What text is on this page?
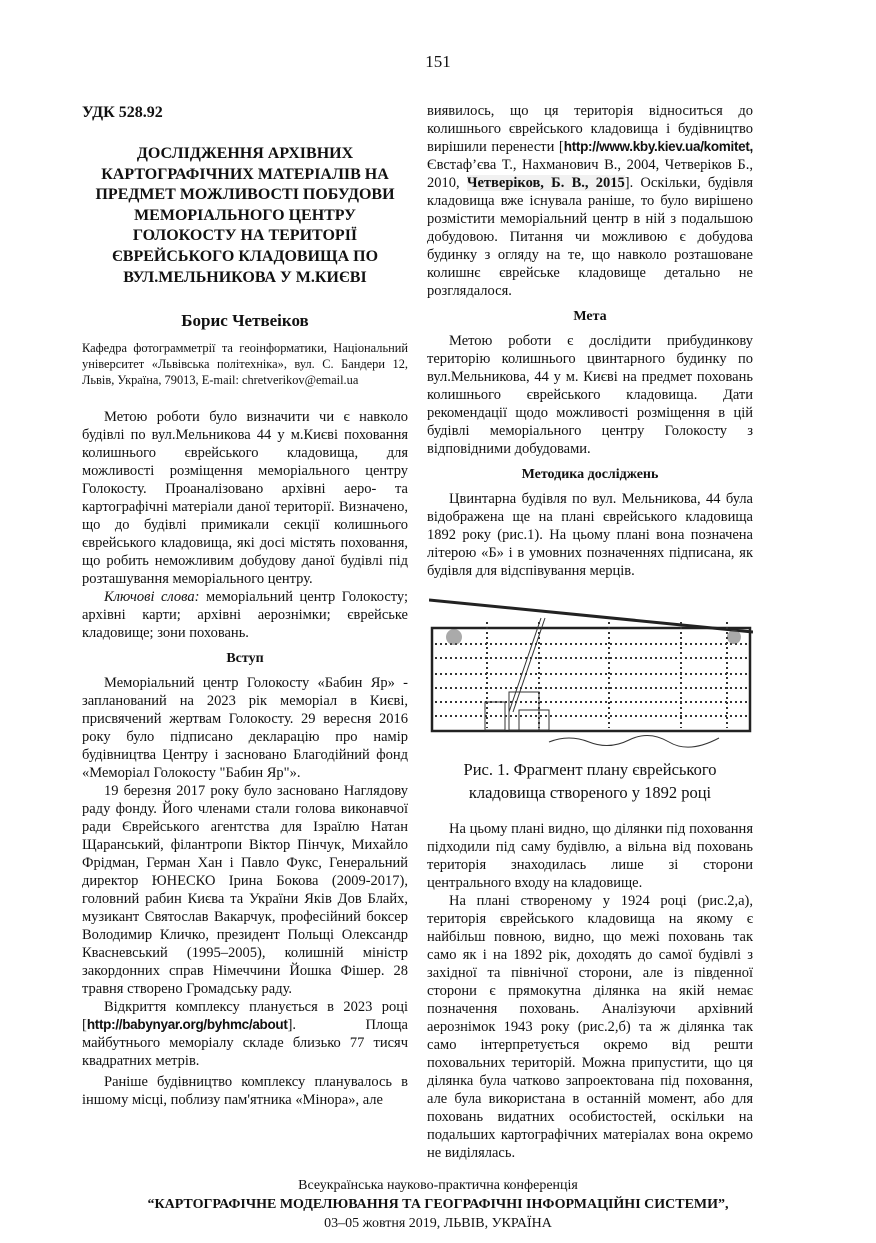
151
УДК 528.92
ДОСЛІДЖЕННЯ АРХІВНИХ КАРТОГРАФІЧНИХ МАТЕРІАЛІВ НА ПРЕДМЕТ МОЖЛИВОСТІ ПОБУДОВИ МЕМОРІАЛЬНОГО ЦЕНТРУ ГОЛОКОСТУ НА ТЕРИТОРІЇ ЄВРЕЙСЬКОГО КЛАДОВИЩА ПО ВУЛ.МЕЛЬНИКОВА У М.КИЄВІ
Борис Четвеіков
Кафедра фотограмметрії та геоінформатики, Національний університет «Львівська політехніка», вул. С. Бандери 12, Львів, Україна, 79013, E-mail: chretverikov@email.ua

Метою роботи було визначити чи є навколо будівлі по вул.Мельникова 44 у м.Києві поховання колишнього єврейського кладовища, для можливості розміщення меморіального центру Голокосту. Проаналізовано архівні аеро- та картографічні матеріали даної території. Визначено, що до будівлі примикали секції колишнього єврейського кладовища, які досі містять поховання, що робить неможливим добудову даної будівлі під розташування меморіального центру.

Ключові слова: меморіальний центр Голокосту; архівні карти; архівні аерознімки; єврейське кладовище; зони поховань.

Вступ

Меморіальний центр Голокосту «Бабин Яр» - запланований на 2023 рік меморіал в Києві, присвячений жертвам Голокосту. 29 вересня 2016 року було підписано декларацію про намір будівництва Центру і засновано Благодійний фонд «Меморіал Голокосту "Бабин Яр"».

19 березня 2017 року було засновано Наглядову раду фонду. Його членами стали голова виконавчої ради Єврейського агентства для Ізраїлю Натан Щаранський, філантропи Віктор Пінчук, Михайло Фрідман, Герман Хан і Павло Фукс, Генеральний директор ЮНЕСКО Ірина Бокова (2009-2017), головний рабин Києва та України Яків Дов Блайх, музикант Святослав Вакарчук, професійний боксер Володимир Кличко, президент Польщі Олександр Квасневський (1995–2005), колишній міністр закордонних справ Німеччини Йошка Фішер. 28 травня створено Громадську раду.

Відкриття комплексу планується в 2023 році [http://babynyar.org/byhmc/about]. Площа майбутнього меморіалу складе близько 77 тисяч квадратних метрів.

Раніше будівництво комплексу планувалось в іншому місці, поблизу пам'ятника «Мінора», але

виявилось, що ця територія відноситься до колишнього єврейського кладовища і будівництво вирішили перенести [http://www.kby.kiev.ua/komitet, Євстаф’єва Т., Нахманович В., 2004, Четверіков Б., 2010, Четверіков, Б. В., 2015]. Оскільки, будівля кладовища вже існувала раніше, то було вирішено розмістити меморіальний центр в ній з подальшою добудовою. Питання чи можливою є добудова будинку з огляду на те, що навколо розташоване колишнє єврейське кладовище детально не розглядалося.

Мета

Метою роботи є дослідити прибудинкову територію колишнього цвинтарного будинку по вул.Мельникова, 44 у м. Києві на предмет поховань колишнього єврейського кладовища. Дати рекомендації щодо можливості розміщення в цій будівлі меморіального центру Голокосту з відповідними добудовами.

Методика досліджень

Цвинтарна будівля по вул. Мельникова, 44 була відображена ще на плані єврейського кладовища 1892 року (рис.1). На цьому плані вона позначена літерою «Б» і в умовних позначеннях підписана, як будівля для відспівування мерців.

Рис. 1. Фрагмент плану єврейського кладовища створеного у 1892 році

На цьому плані видно, що ділянки під поховання підходили під саму будівлю, а вільна від поховань територія знаходилась лише зі сторони центрального входу на кладовище.

На плані створеному у 1924 році (рис.2,а), територія єврейського кладовища на якому є найбільш повною, видно, що межі поховань так само як і на 1892 рік, доходять до самої будівлі з західної та північної сторони, але із південної сторони є прямокутна ділянка на якій немає позначення поховань. Аналізуючи архівний аерознімок 1943 року (рис.2,б) та ж ділянка так само інтерпретується окремо від решти поховальних територій. Можна припустити, що ця ділянка була чатково запроектована під поховання, але була використана в останній момент, або для поховань видатних особистостей, оскільки на подальших картографічних матеріалах вона окремо не виділялась.

Всеукраїнська науково-практична конференція
“КАРТОГРАФІЧНЕ МОДЕЛЮВАННЯ ТА ГЕОГРАФІЧНІ ІНФОРМАЦІЙНІ СИСТЕМИ”,
03–05 жовтня 2019, ЛЬВІВ, УКРАЇНА
